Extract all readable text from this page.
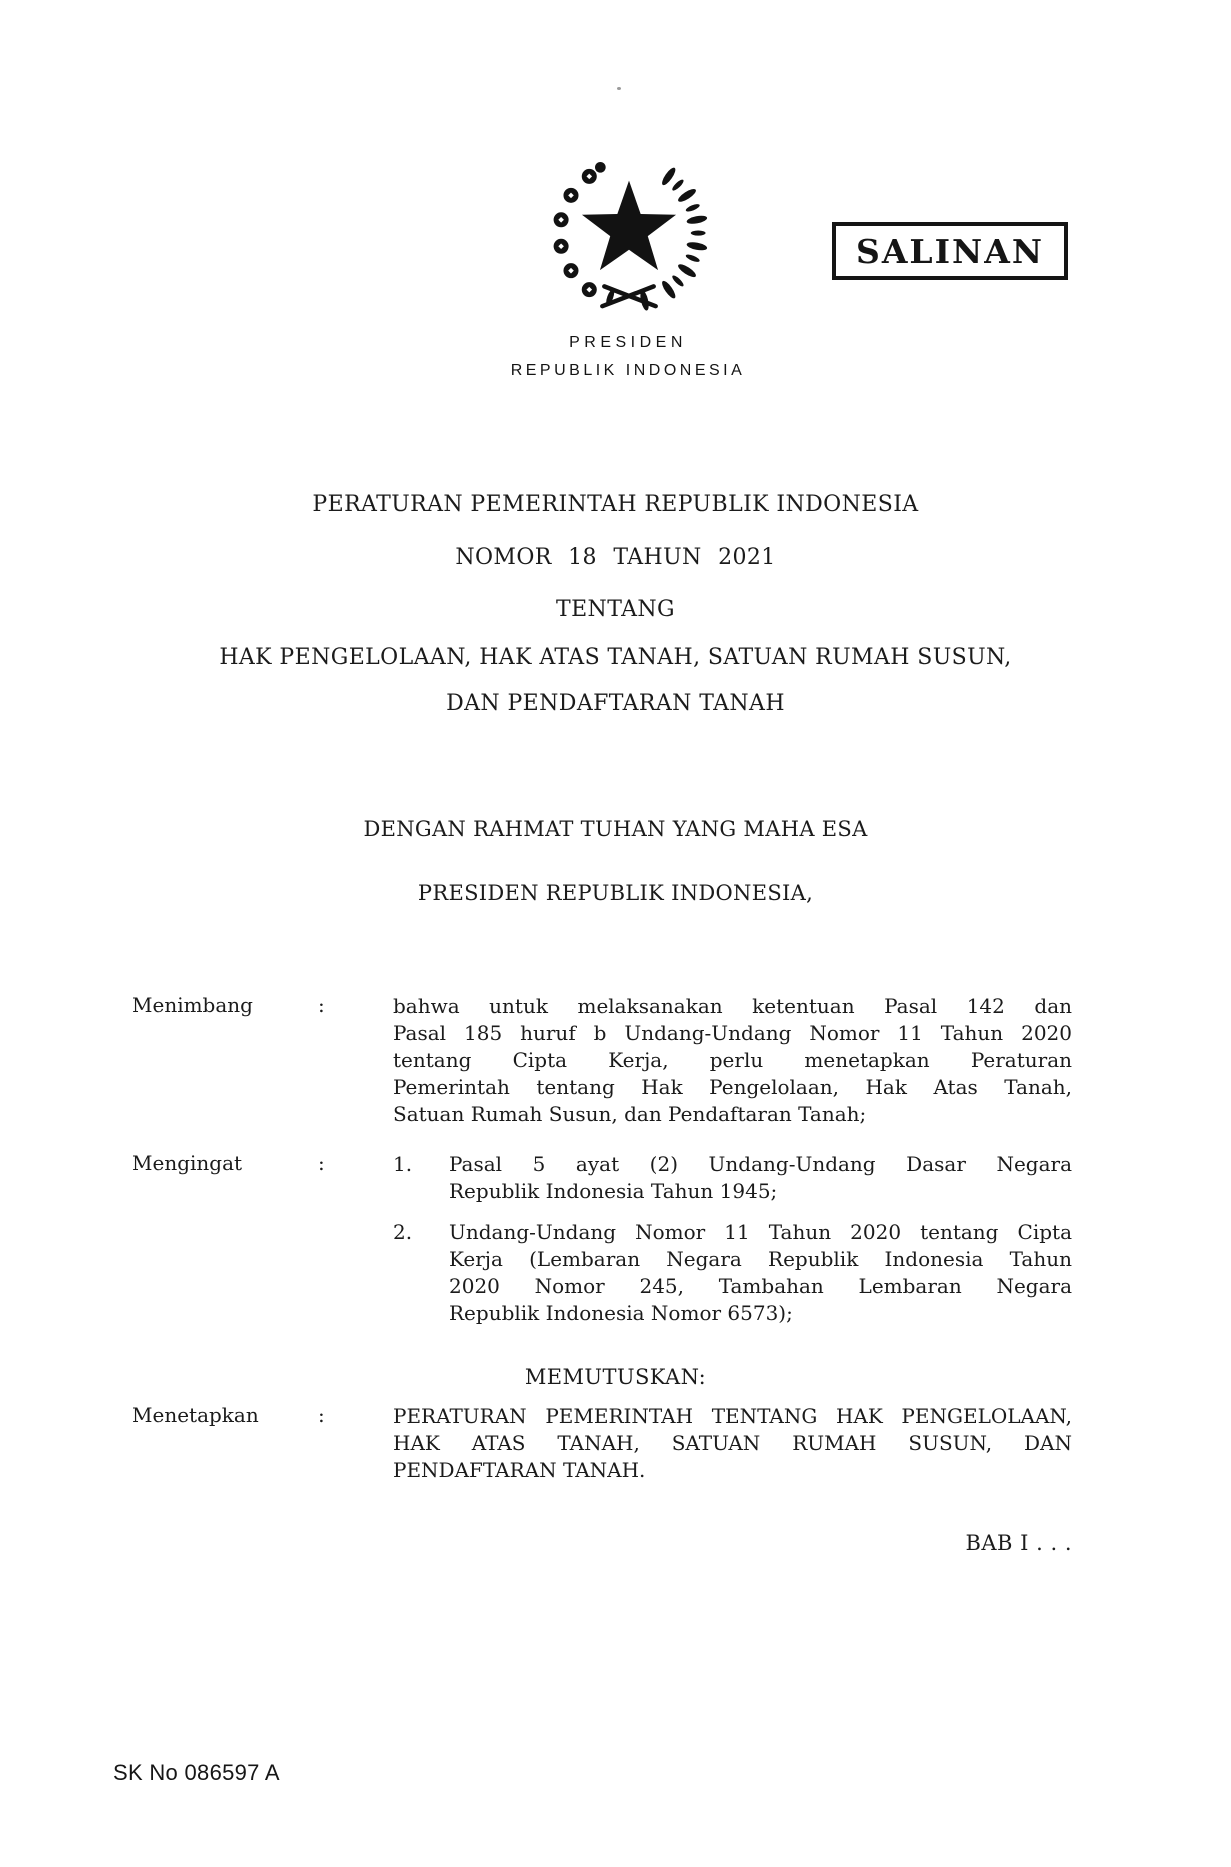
PRESIDEN
REPUBLIK INDONESIA
SALINAN
PERATURAN PEMERINTAH REPUBLIK INDONESIA
NOMOR 18 TAHUN 2021
TENTANG
HAK PENGELOLAAN, HAK ATAS TANAH, SATUAN RUMAH SUSUN,
DAN PENDAFTARAN TANAH
DENGAN RAHMAT TUHAN YANG MAHA ESA
PRESIDEN REPUBLIK INDONESIA,
Menimbang	:	bahwa untuk melaksanakan ketentuan Pasal 142 dan
Pasal 185 huruf b Undang-Undang Nomor 11 Tahun 2020
tentang Cipta Kerja, perlu menetapkan Peraturan
Pemerintah tentang Hak Pengelolaan, Hak Atas Tanah,
Satuan Rumah Susun, dan Pendaftaran Tanah;
Mengingat	:	1.	Pasal 5 ayat (2) Undang-Undang Dasar Negara
Republik Indonesia Tahun 1945;
2.	Undang-Undang Nomor 11 Tahun 2020 tentang Cipta
Kerja (Lembaran Negara Republik Indonesia Tahun
2020 Nomor 245, Tambahan Lembaran Negara
Republik Indonesia Nomor 6573);
MEMUTUSKAN:
Menetapkan	:	PERATURAN PEMERINTAH TENTANG HAK PENGELOLAAN,
HAK ATAS TANAH, SATUAN RUMAH SUSUN, DAN
PENDAFTARAN TANAH.
BAB I . . .
SK No 086597 A
